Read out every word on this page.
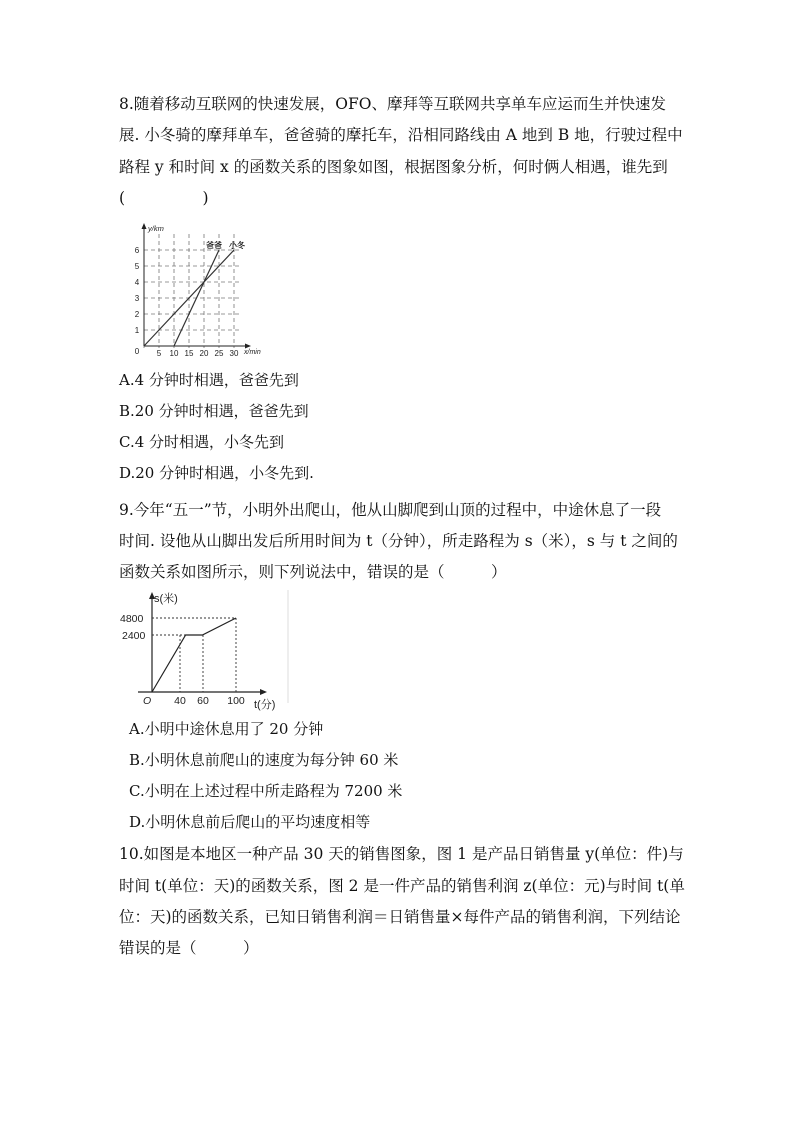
8.随着移动互联网的快速发展，OFO、摩拜等互联网共享单车应运而生并快速发
展. 小冬骑的摩拜单车，爸爸骑的摩托车，沿相同路线由 A 地到 B 地，行驶过程中
路程 y 和时间 x 的函数关系的图象如图，根据图象分析，何时俩人相遇，谁先到
(　　　　　)
6
5
4
3
2
1
0 5 10 15 20 25 30
y/km
x/min
爸爸 小冬
A.4 分钟时相遇，爸爸先到
B.20 分钟时相遇，爸爸先到
C.4 分时相遇，小冬先到
D.20 分钟时相遇，小冬先到.
9.今年“五一”节，小明外出爬山，他从山脚爬到山顶的过程中，中途休息了一段
时间. 设他从山脚出发后所用时间为 t（分钟），所走路程为 s（米），s 与 t 之间的
函数关系如图所示，则下列说法中，错误的是（　　　）
4800
2400
s(米)
O 40 60 100 t(分)
A.小明中途休息用了 20 分钟
B.小明休息前爬山的速度为每分钟 60 米
C.小明在上述过程中所走路程为 7200 米
D.小明休息前后爬山的平均速度相等
10.如图是本地区一种产品 30 天的销售图象，图 1 是产品日销售量 y(单位：件)与
时间 t(单位：天)的函数关系，图 2 是一件产品的销售利润 z(单位：元)与时间 t(单
位：天)的函数关系，已知日销售利润＝日销售量×每件产品的销售利润，下列结论
错误的是（　　　）
